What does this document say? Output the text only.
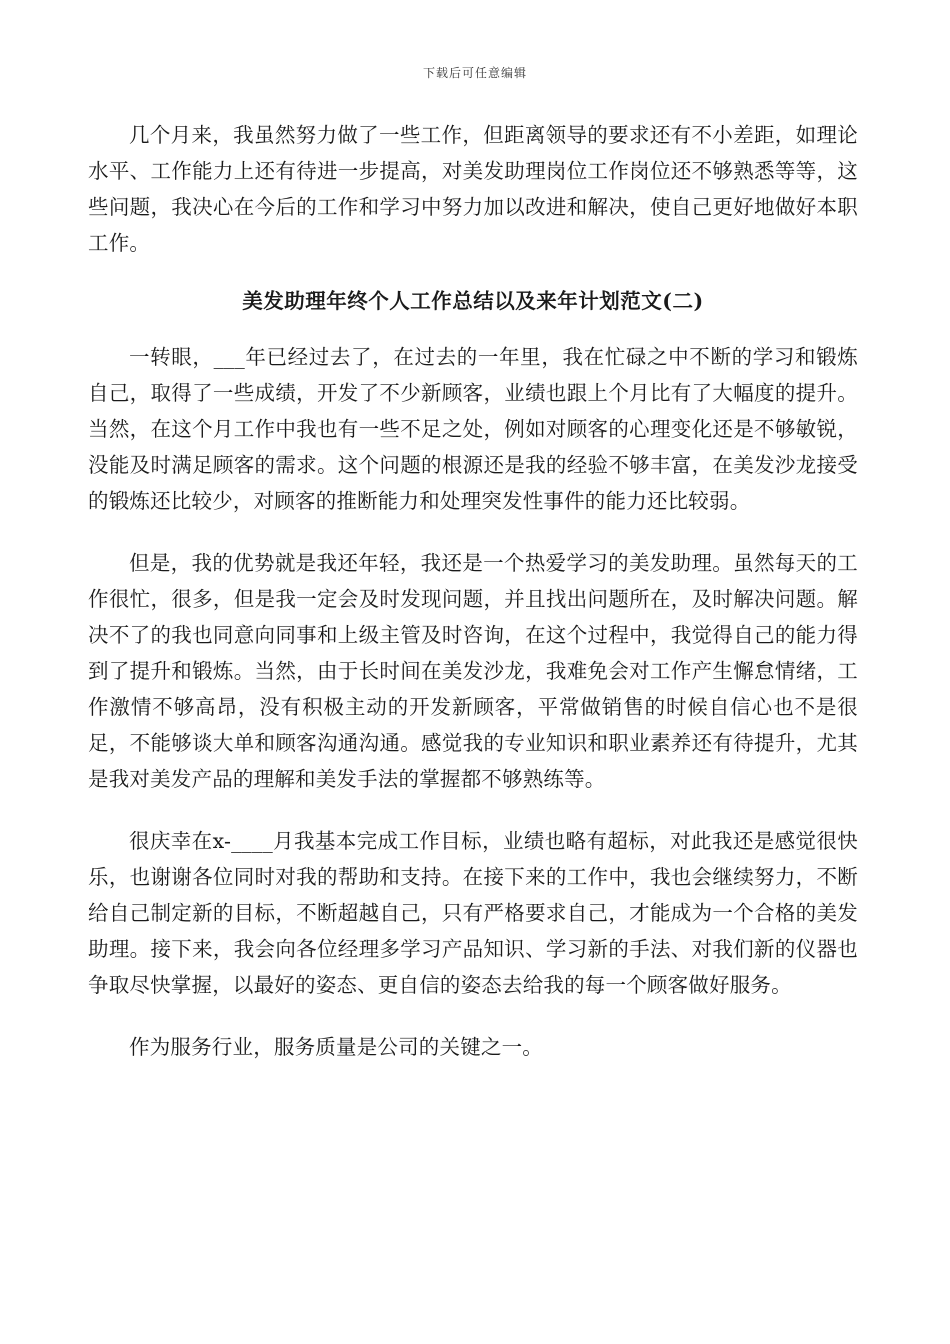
下载后可任意编辑

几个月来，我虽然努力做了一些工作，但距离领导的要求还有不小差距，如理论水平、工作能力上还有待进一步提高，对美发助理岗位工作岗位还不够熟悉等等，这些问题，我决心在今后的工作和学习中努力加以改进和解决，使自己更好地做好本职工作。

美发助理年终个人工作总结以及来年计划范文(二)

一转眼，___年已经过去了，在过去的一年里，我在忙碌之中不断的学习和锻炼自己，取得了一些成绩，开发了不少新顾客，业绩也跟上个月比有了大幅度的提升。当然，在这个月工作中我也有一些不足之处，例如对顾客的心理变化还是不够敏锐，没能及时满足顾客的需求。这个问题的根源还是我的经验不够丰富，在美发沙龙接受的锻炼还比较少，对顾客的推断能力和处理突发性事件的能力还比较弱。

但是，我的优势就是我还年轻，我还是一个热爱学习的美发助理。虽然每天的工作很忙，很多，但是我一定会及时发现问题，并且找出问题所在，及时解决问题。解决不了的我也同意向同事和上级主管及时咨询，在这个过程中，我觉得自己的能力得到了提升和锻炼。当然，由于长时间在美发沙龙，我难免会对工作产生懈怠情绪，工作激情不够高昂，没有积极主动的开发新顾客，平常做销售的时候自信心也不是很足，不能够谈大单和顾客沟通沟通。感觉我的专业知识和职业素养还有待提升，尤其是我对美发产品的理解和美发手法的掌握都不够熟练等。

很庆幸在x-____月我基本完成工作目标，业绩也略有超标，对此我还是感觉很快乐，也谢谢各位同时对我的帮助和支持。在接下来的工作中，我也会继续努力，不断给自己制定新的目标，不断超越自己，只有严格要求自己，才能成为一个合格的美发助理。接下来，我会向各位经理多学习产品知识、学习新的手法、对我们新的仪器也争取尽快掌握，以最好的姿态、更自信的姿态去给我的每一个顾客做好服务。

作为服务行业，服务质量是公司的关键之一。
